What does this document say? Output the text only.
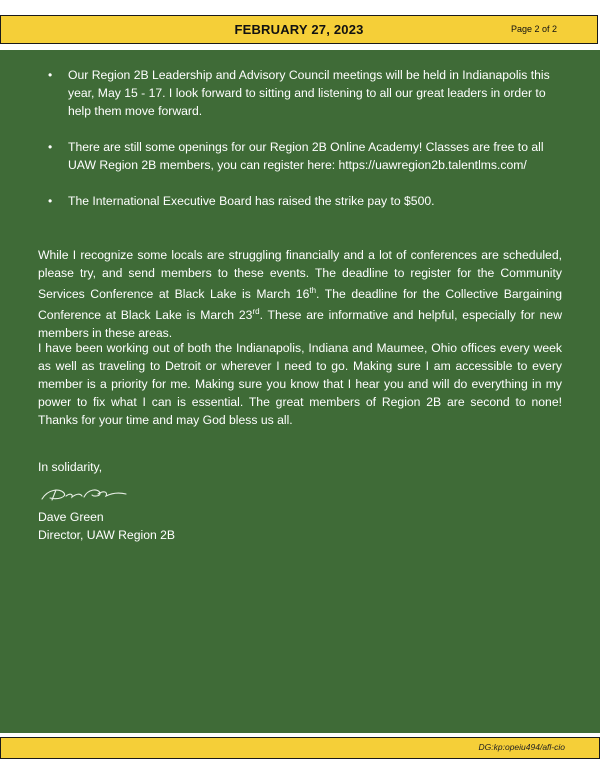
FEBRUARY 27, 2023	Page 2 of 2
• Our Region 2B Leadership and Advisory Council meetings will be held in Indianapolis this year, May 15 - 17. I look forward to sitting and listening to all our great leaders in order to help them move forward.
• There are still some openings for our Region 2B Online Academy! Classes are free to all UAW Region 2B members, you can register here: https://uawregion2b.talentlms.com/
• The International Executive Board has raised the strike pay to $500.

While I recognize some locals are struggling financially and a lot of conferences are scheduled, please try, and send members to these events. The deadline to register for the Community Services Conference at Black Lake is March 16th. The deadline for the Collective Bargaining Conference at Black Lake is March 23rd. These are informative and helpful, especially for new members in these areas.

I have been working out of both the Indianapolis, Indiana and Maumee, Ohio offices every week as well as traveling to Detroit or wherever I need to go. Making sure I am accessible to every member is a priority for me. Making sure you know that I hear you and will do everything in my power to fix what I can is essential. The great members of Region 2B are second to none! Thanks for your time and may God bless us all.

In solidarity,
Dave Green
Director, UAW Region 2B
DG:kp:opeiu494/afl-cio
